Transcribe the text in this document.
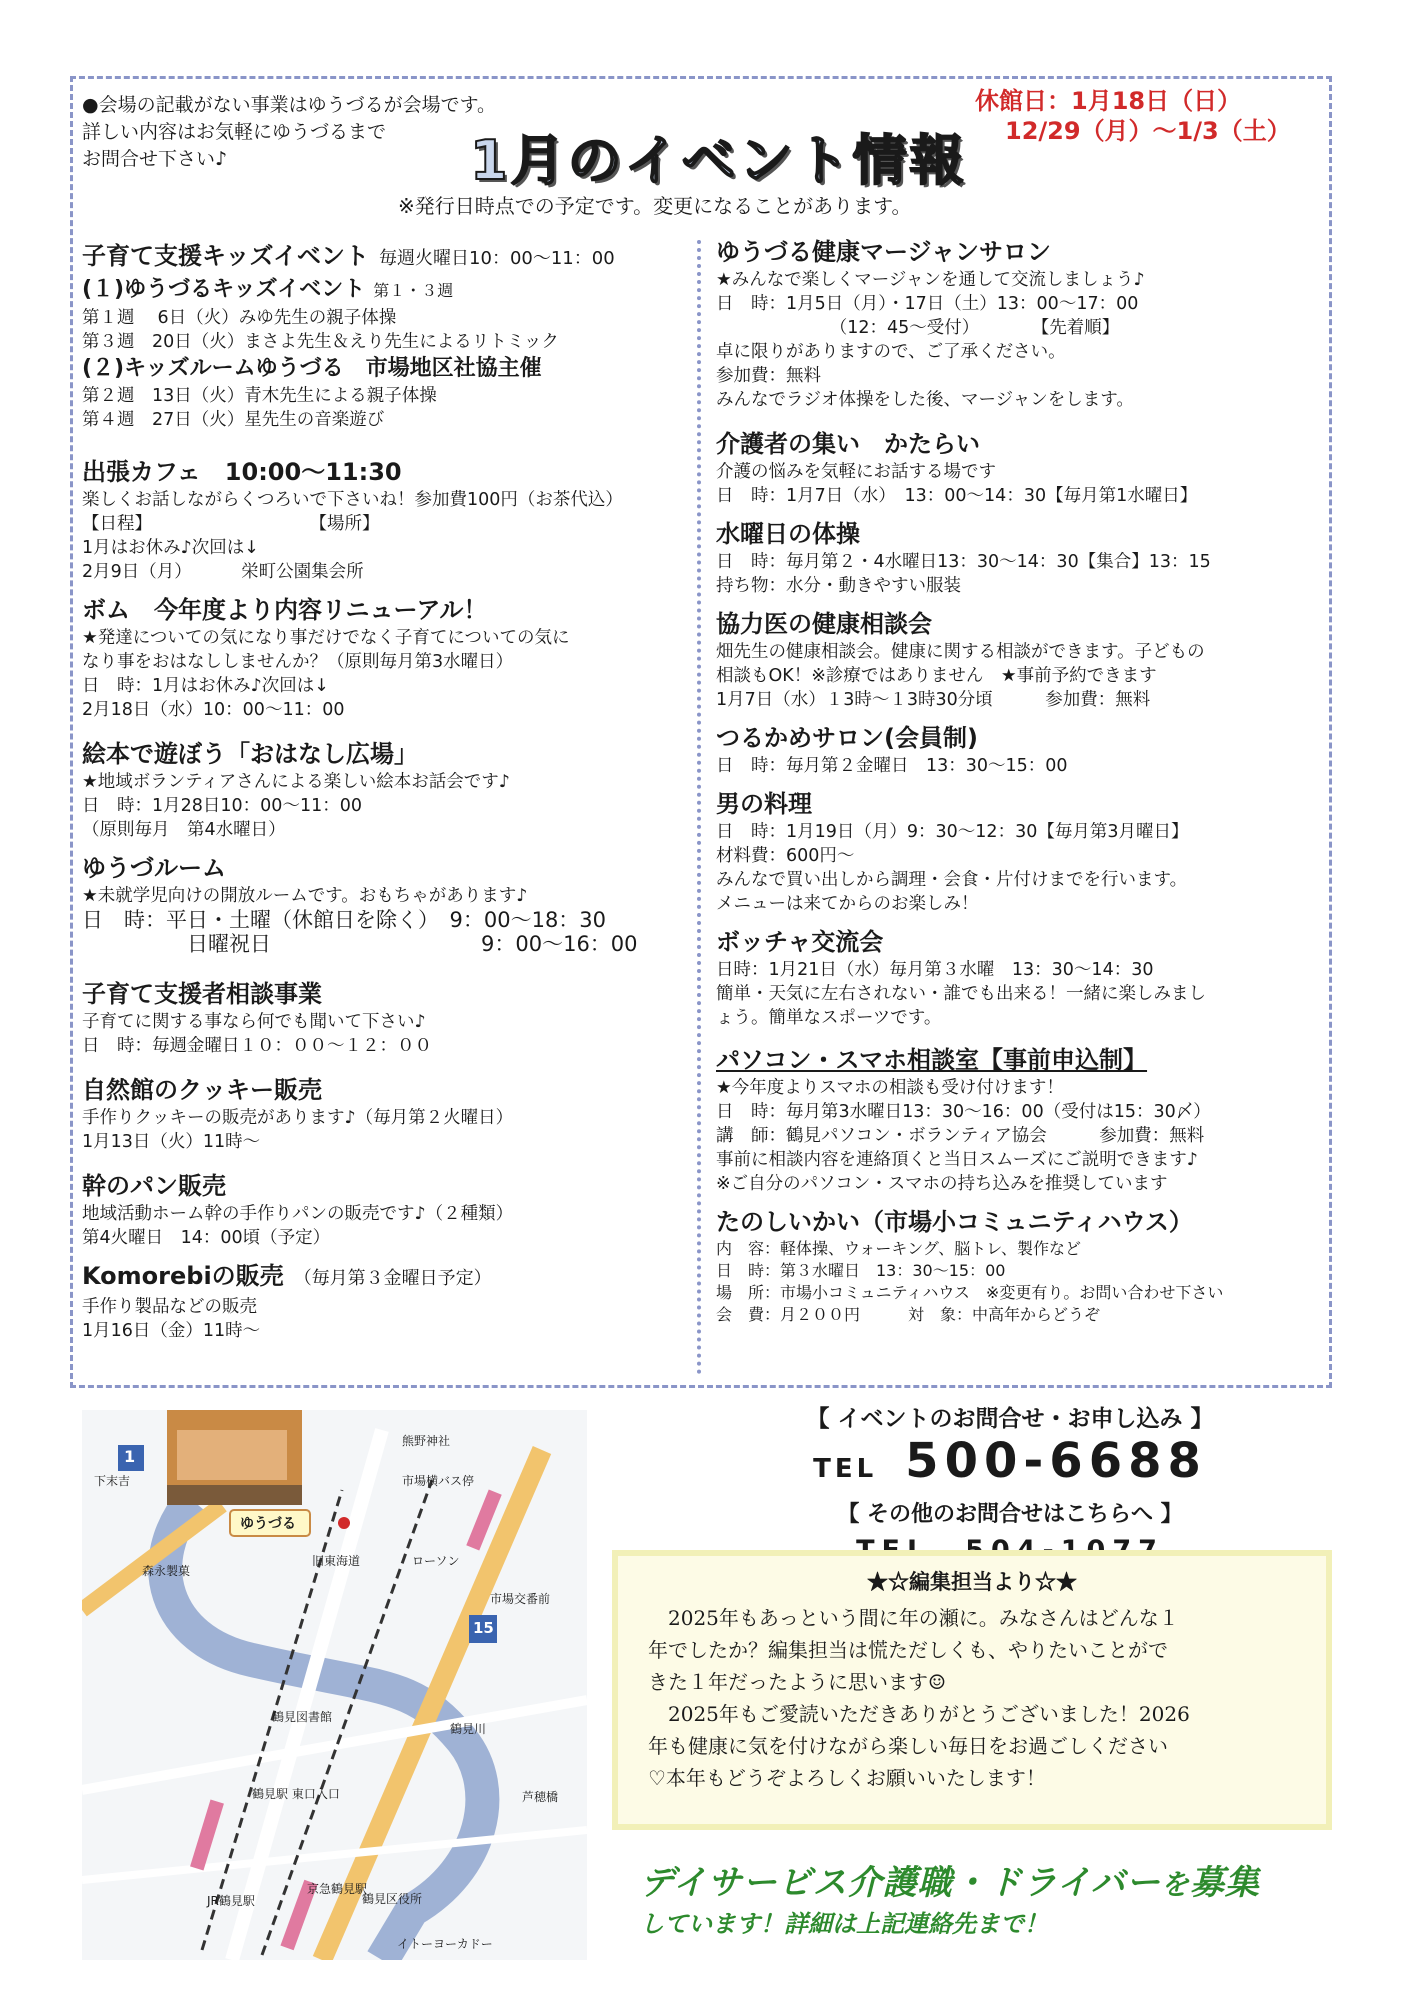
●会場の記載がない事業はゆうづるが会場です。
詳しい内容はお気軽にゆうづるまで
お問合せ下さい♪	1月のイベント情報
休館日：1月18日（日）
12/29（月）～1/3（土）
※発行日時点での予定です。変更になることがあります。
子育て支援キッズイベント 毎週火曜日10：00～11：00
(１)ゆうづるキッズイベント 第１・３週

第１週　 6日（火）みゆ先生の親子体操

第３週　20日（火）まさよ先生＆えり先生によるリトミック

(２)キッズルームゆうづる　市場地区社協主催

第２週　13日（火）青木先生による親子体操

第４週　27日（火）星先生の音楽遊び

出張カフェ　10:00～11:30

楽しくお話しながらくつろいで下さいね！参加費100円（お茶代込）

【日程】　　　　　　　　　　【場所】

1月はお休み♪次回は↓

2月9日（月）　　　 栄町公園集会所

ボム　今年度より内容リニューアル！

★発達についての気になり事だけでなく子育てについての気に

なり事をおはなししませんか？（原則毎月第3水曜日）

日　時：1月はお休み♪次回は↓

2月18日（水）10：00～11：00

絵本で遊ぼう「おはなし広場」

★地域ボランティアさんによる楽しい絵本お話会です♪

日　時：1月28日10：00～11：00

（原則毎月　第4水曜日）

ゆうづルーム

★未就学児向けの開放ルームです。おもちゃがあります♪

日　時：平日・土曜（休館日を除く）　9：00～18：30

　　　　　日曜祝日　　　　　　　　　　9：00～16：00

子育て支援者相談事業

子育てに関する事なら何でも聞いて下さい♪

日　時：毎週金曜日１０：００～１２：００

自然館のクッキー販売

手作りクッキーの販売があります♪（毎月第２火曜日）

1月13日（火）11時～

幹のパン販売

地域活動ホーム幹の手作りパンの販売です♪（２種類）

第4火曜日　14：00頃（予定）

Komorebiの販売 （毎月第３金曜日予定）

手作り製品などの販売

1月16日（金）11時～

ゆうづる健康マージャンサロン

★みんなで楽しくマージャンを通して交流しましょう♪

日　時：1月5日（月）・17日（土）13：00～17：00

　　　　　　　（12：45～受付）　　　　【先着順】

卓に限りがありますので、ご了承ください。

参加費：無料

みんなでラジオ体操をした後、マージャンをします。

介護者の集い　かたらい

介護の悩みを気軽にお話する場です

日　時：1月7日（水）　13：00～14：30【毎月第1水曜日】

水曜日の体操

日　時：毎月第２・4水曜日13：30～14：30【集合】13：15

持ち物：水分・動きやすい服装

協力医の健康相談会

畑先生の健康相談会。健康に関する相談ができます。子どもの

相談もOK！※診療ではありません　★事前予約できます

1月7日（水）１3時～１3時30分頃　　　参加費：無料

つるかめサロン(会員制)

日　時：毎月第２金曜日　13：30～15：00

男の料理

日　時：1月19日（月）9：30～12：30【毎月第3月曜日】

材料費：600円～

みんなで買い出しから調理・会食・片付けまでを行います。

メニューは来てからのお楽しみ！

ボッチャ交流会

日時：1月21日（水）毎月第３水曜　13：30～14：30

簡単・天気に左右されない・誰でも出来る！一緒に楽しみまし

ょう。簡単なスポーツです。

パソコン・スマホ相談室【事前申込制】

★今年度よりスマホの相談も受け付けます！

日　時：毎月第3水曜日13：30～16：00（受付は15：30〆）

講　師：鶴見パソコン・ボランティア協会　　　参加費：無料

事前に相談内容を連絡頂くと当日スムーズにご説明できます♪

※ご自分のパソコン・スマホの持ち込みを推奨しています

たのしいかい（市場小コミュニティハウス）

内　容：軽体操、ウォーキング、脳トレ、製作など

日　時：第３水曜日　13：30～15：00

場　所：市場小コミュニティハウス　※変更有り。お問い合わせ下さい

会　費：月２００円　　　対　象：中高年からどうぞ

ゆうづる
1
15
下末吉
森永製菓
熊野神社
市場横バス停
旧東海道	ローソン
市場交番前
鶴見図書館
鶴見川
鶴見駅 東口入口
JR鶴見駅
京急鶴見駅
鶴見区役所
イトーヨーカドー
芦穂橋
【 イベントのお問合せ・お申し込み 】
TEL 500-6688
【 その他のお問合せはこちらへ 】
★☆編集担当より☆★
　2025年もあっという間に年の瀬に。みなさんはどんな１
年でしたか？編集担当は慌ただしくも、やりたいことがで
きた１年だったように思います☺
　2025年もご愛読いただきありがとうございました！2026
年も健康に気を付けながら楽しい毎日をお過ごしください
♡本年もどうぞよろしくお願いいたします！
デイサービス介護職・ドライバーを募集
しています！詳細は上記連絡先まで！
